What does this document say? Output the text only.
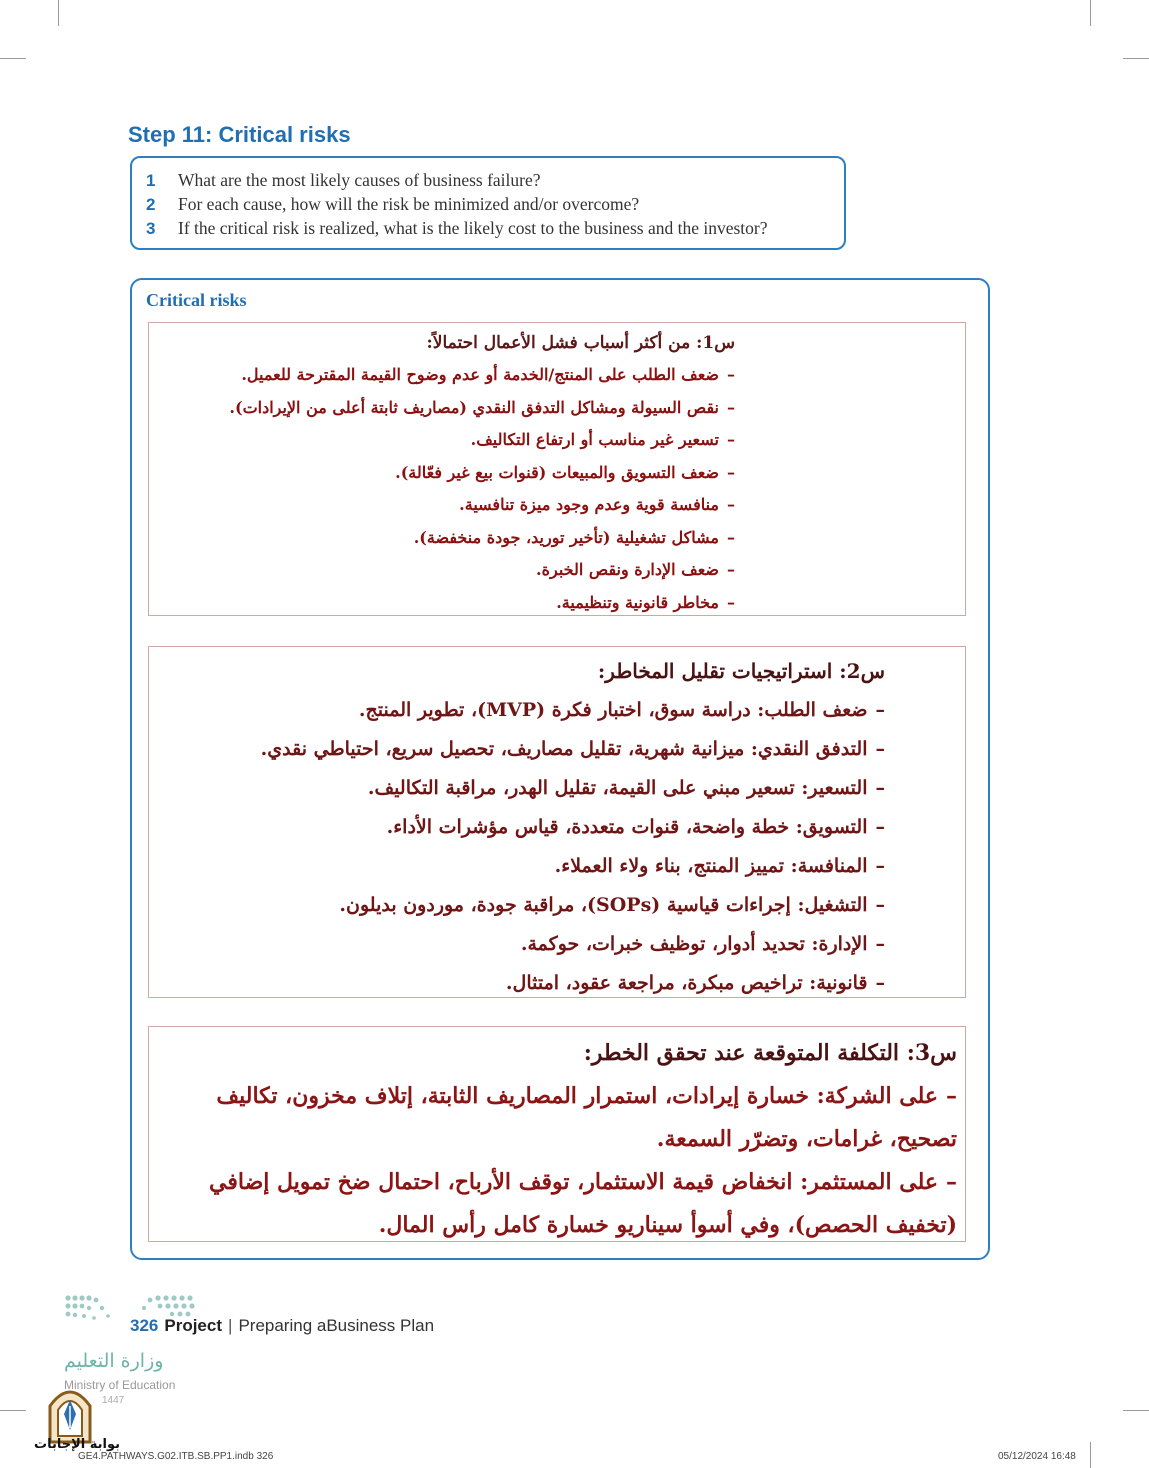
Step 11: Critical risks
1	What are the most likely causes of business failure?
2	For each cause, how will the risk be minimized and/or overcome?
3	If the critical risk is realized, what is the likely cost to the business and the investor?
Critical risks
س1: من أكثر أسباب فشل الأعمال احتمالاً:
–ضعف الطلب على المنتج/الخدمة أو عدم وضوح القيمة المقترحة للعميل.
–نقص السيولة ومشاكل التدفق النقدي (مصاريف ثابتة أعلى من الإيرادات).
–تسعير غير مناسب أو ارتفاع التكاليف.
–ضعف التسويق والمبيعات (قنوات بيع غير فعّالة).
–منافسة قوية وعدم وجود ميزة تنافسية.
–مشاكل تشغيلية (تأخير توريد، جودة منخفضة).
–ضعف الإدارة ونقص الخبرة.
–مخاطر قانونية وتنظيمية.
س2: استراتيجيات تقليل المخاطر:
–ضعف الطلب: دراسة سوق، اختبار فكرة (MVP)، تطوير المنتج.
–التدفق النقدي: ميزانية شهرية، تقليل مصاريف، تحصيل سريع، احتياطي نقدي.
–التسعير: تسعير مبني على القيمة، تقليل الهدر، مراقبة التكاليف.
–التسويق: خطة واضحة، قنوات متعددة، قياس مؤشرات الأداء.
–المنافسة: تمييز المنتج، بناء ولاء العملاء.
–التشغيل: إجراءات قياسية (SOPs)، مراقبة جودة، موردون بديلون.
–الإدارة: تحديد أدوار، توظيف خبرات، حوكمة.
–قانونية: تراخيص مبكرة، مراجعة عقود، امتثال.
س3: التكلفة المتوقعة عند تحقق الخطر:
–على الشركة: خسارة إيرادات، استمرار المصاريف الثابتة، إتلاف مخزون، تكاليف تصحيح، غرامات، وتضرّر السمعة.
–على المستثمر: انخفاض قيمة الاستثمار، توقف الأرباح، احتمال ضخ تمويل إضافي (تخفيف الحصص)، وفي أسوأ سيناريو خسارة كامل رأس المال.
326 Project | Preparing aBusiness Plan
وزارة التعليم
Ministry of Education
1447
بوابة الإجابات
GE4.PATHWAYS.G02.ITB.SB.PP1.indb 326	05/12/2024 16:48
